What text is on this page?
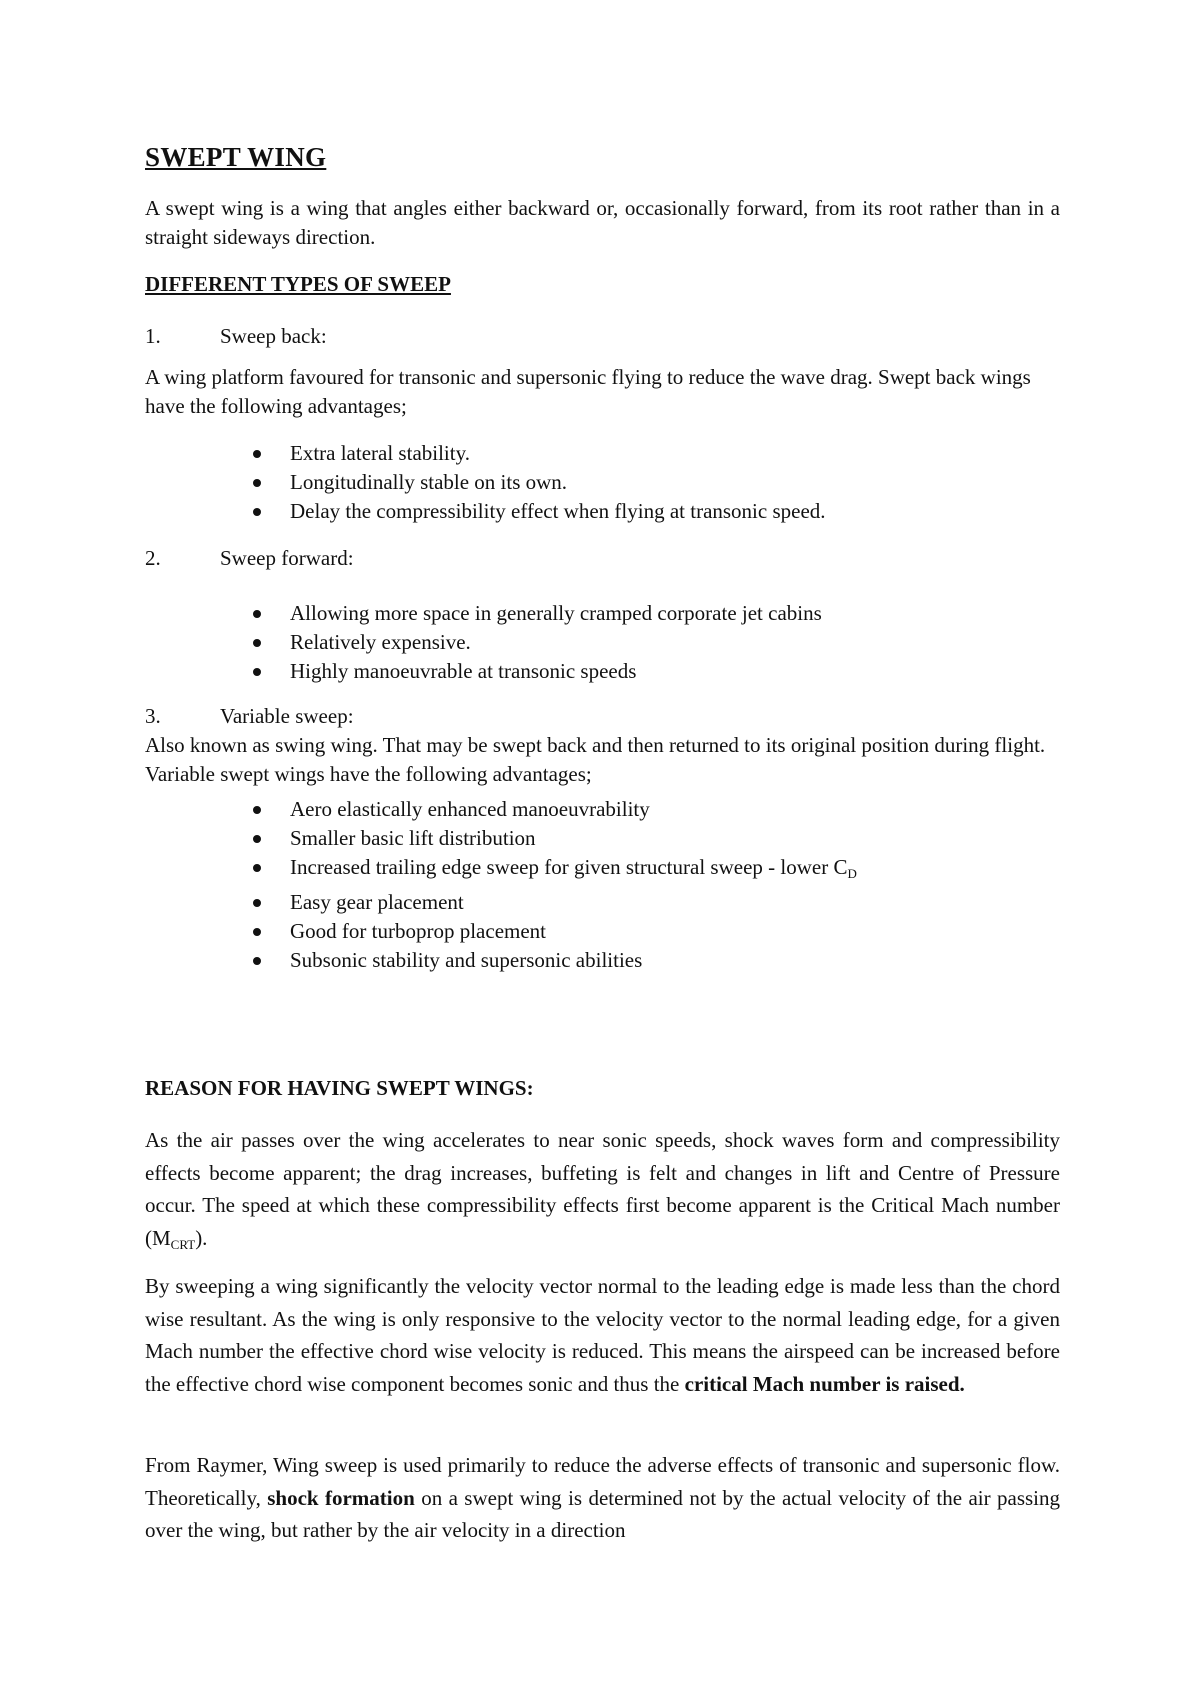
SWEPT WING

A swept wing is a wing that angles either backward or, occasionally forward, from its root rather than in a straight sideways direction.

DIFFERENT TYPES OF SWEEP

1.	Sweep back:

A wing platform favoured for transonic and supersonic flying to reduce the wave drag. Swept back wings have the following advantages;

Extra lateral stability.
Longitudinally stable on its own.
Delay the compressibility effect when flying at transonic speed.
2.	Sweep forward:
Allowing more space in generally cramped corporate jet cabins
Relatively expensive.
Highly manoeuvrable at transonic speeds
3.	Variable sweep:

Also known as swing wing. That may be swept back and then returned to its original position during flight. Variable swept wings have the following advantages;

Aero elastically enhanced manoeuvrability
Smaller basic lift distribution
Increased trailing edge sweep for given structural sweep - lower $C_D$
Easy gear placement
Good for turboprop placement
Subsonic stability and supersonic abilities

REASON FOR HAVING SWEPT WINGS:

As the air passes over the wing accelerates to near sonic speeds, shock waves form and compressibility effects become apparent; the drag increases, buffeting is felt and changes in lift and Centre of Pressure occur. The speed at which these compressibility effects first become apparent is the Critical Mach number $(M_{CRT})$.

By sweeping a wing significantly the velocity vector normal to the leading edge is made less than the chord wise resultant. As the wing is only responsive to the velocity vector to the normal leading edge, for a given Mach number the effective chord wise velocity is reduced. This means the airspeed can be increased before the effective chord wise component becomes sonic and thus the critical Mach number is raised.

From Raymer, Wing sweep is used primarily to reduce the adverse effects of transonic and supersonic flow. Theoretically, shock formation on a swept wing is determined not by the actual velocity of the air passing over the wing, but rather by the air velocity in a direction
